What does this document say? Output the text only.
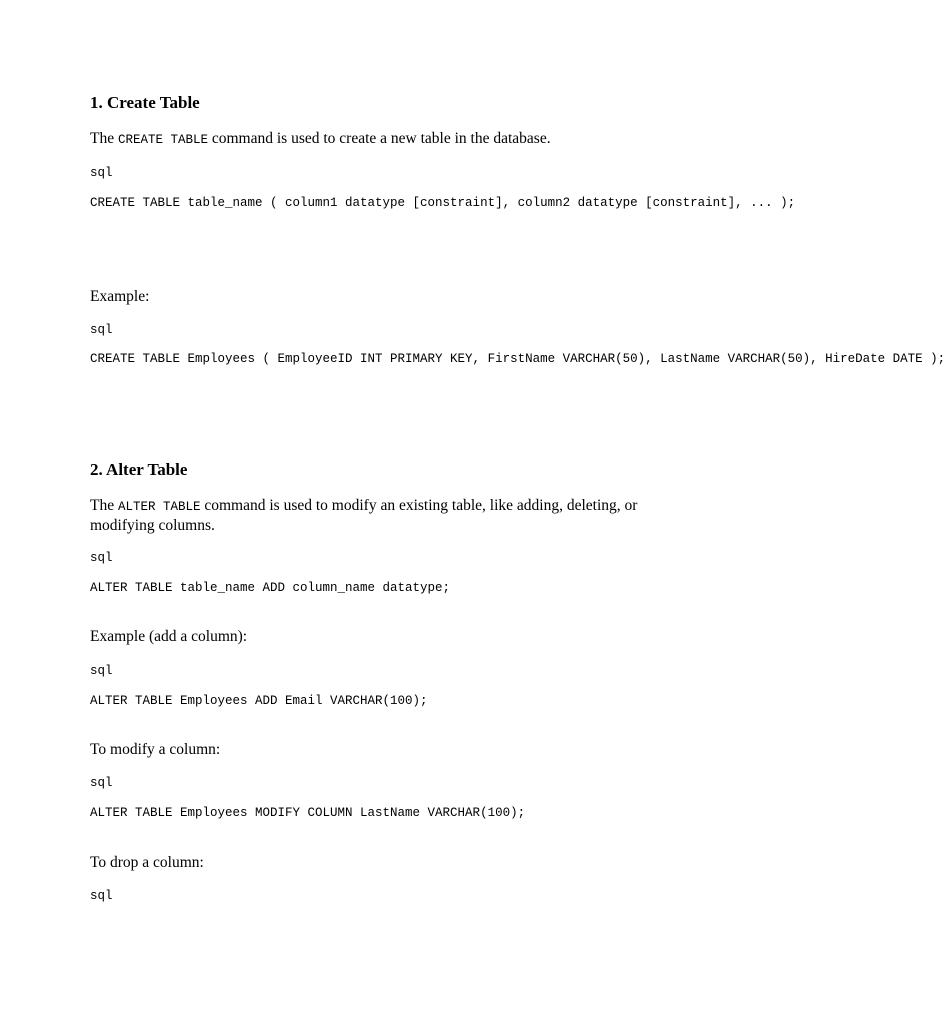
1. Create Table

The CREATE TABLE command is used to create a new table in the database.

sql
CREATE TABLE table_name ( column1 datatype [constraint], column2 datatype [constraint], ... );

Example:

sql
CREATE TABLE Employees ( EmployeeID INT PRIMARY KEY, FirstName VARCHAR(50), LastName VARCHAR(50), HireDate DATE );
2. Alter Table

The ALTER TABLE command is used to modify an existing table, like adding, deleting, or modifying columns.

sql
ALTER TABLE table_name ADD column_name datatype;

Example (add a column):

sql
ALTER TABLE Employees ADD Email VARCHAR(100);

To modify a column:

sql
ALTER TABLE Employees MODIFY COLUMN LastName VARCHAR(100);

To drop a column:

sql
